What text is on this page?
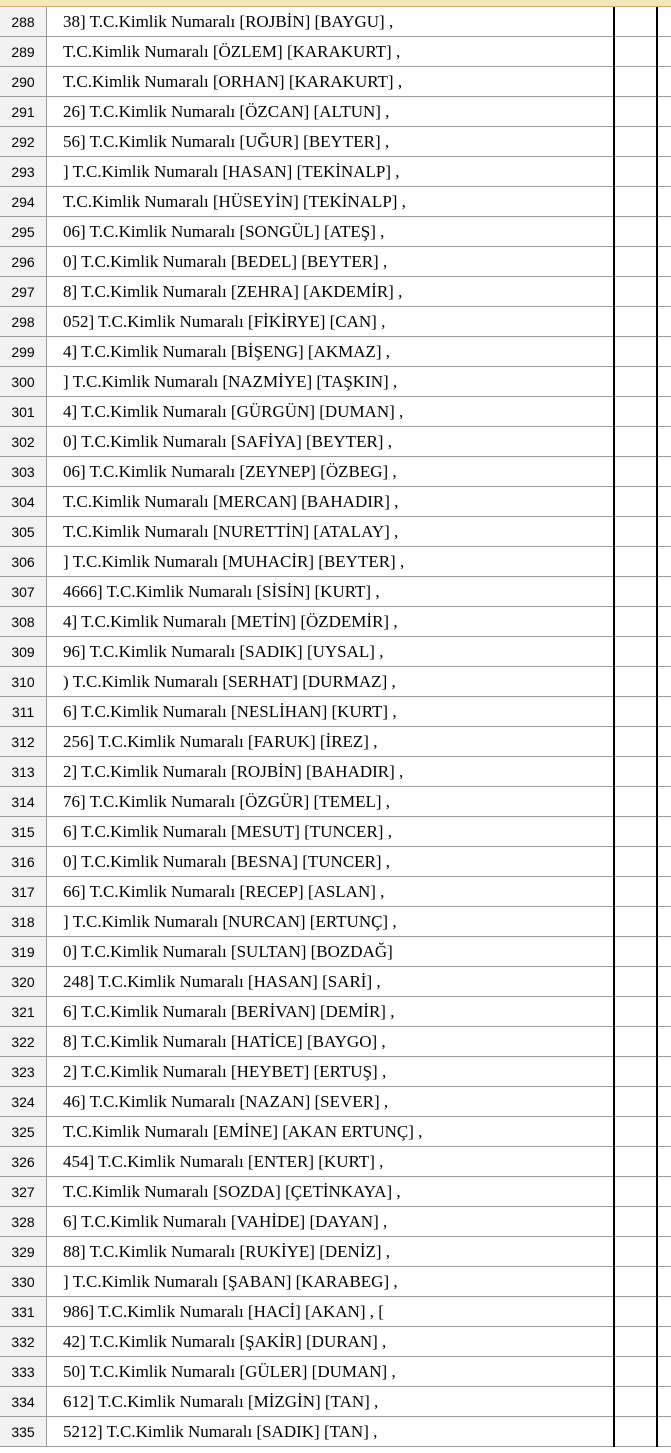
288	38] T.C.Kimlik Numaralı [ROJBİN] [BAYGU] ,		
289	T.C.Kimlik Numaralı [ÖZLEM] [KARAKURT] ,		
290	T.C.Kimlik Numaralı [ORHAN] [KARAKURT] ,		
291	26] T.C.Kimlik Numaralı [ÖZCAN] [ALTUN] ,		
292	56] T.C.Kimlik Numaralı [UĞUR] [BEYTER] ,		
293	] T.C.Kimlik Numaralı [HASAN] [TEKİNALP] ,		
294	T.C.Kimlik Numaralı [HÜSEYİN] [TEKİNALP] ,		
295	06] T.C.Kimlik Numaralı [SONGÜL] [ATEŞ] ,		
296	0] T.C.Kimlik Numaralı [BEDEL] [BEYTER] ,		
297	8] T.C.Kimlik Numaralı [ZEHRA] [AKDEMİR] ,		
298	052] T.C.Kimlik Numaralı [FİKİRYE] [CAN] ,		
299	4] T.C.Kimlik Numaralı [BİŞENG] [AKMAZ] ,		
300	] T.C.Kimlik Numaralı [NAZMİYE] [TAŞKIN] ,		
301	4] T.C.Kimlik Numaralı [GÜRGÜN] [DUMAN] ,		
302	0] T.C.Kimlik Numaralı [SAFİYA] [BEYTER] ,		
303	06] T.C.Kimlik Numaralı [ZEYNEP] [ÖZBEG] ,		
304	T.C.Kimlik Numaralı [MERCAN] [BAHADIR] ,		
305	T.C.Kimlik Numaralı [NURETTİN] [ATALAY] ,		
306	] T.C.Kimlik Numaralı [MUHACİR] [BEYTER] ,		
307	4666] T.C.Kimlik Numaralı [SİSİN] [KURT] ,		
308	4] T.C.Kimlik Numaralı [METİN] [ÖZDEMİR] ,		
309	96] T.C.Kimlik Numaralı [SADIK] [UYSAL] ,		
310	) T.C.Kimlik Numaralı [SERHAT] [DURMAZ] ,		
311	6] T.C.Kimlik Numaralı [NESLİHAN] [KURT] ,		
312	256] T.C.Kimlik Numaralı [FARUK] [İREZ] ,		
313	2] T.C.Kimlik Numaralı [ROJBİN] [BAHADIR] ,		
314	76] T.C.Kimlik Numaralı [ÖZGÜR] [TEMEL] ,		
315	6] T.C.Kimlik Numaralı [MESUT] [TUNCER] ,		
316	0] T.C.Kimlik Numaralı [BESNA] [TUNCER] ,		
317	66] T.C.Kimlik Numaralı [RECEP] [ASLAN] ,		
318	] T.C.Kimlik Numaralı [NURCAN] [ERTUNÇ] ,		
319	0] T.C.Kimlik Numaralı [SULTAN] [BOZDAĞ]		
320	248] T.C.Kimlik Numaralı [HASAN] [SARİ] ,		
321	6] T.C.Kimlik Numaralı [BERİVAN] [DEMİR] ,		
322	8] T.C.Kimlik Numaralı [HATİCE] [BAYGO] ,		
323	2] T.C.Kimlik Numaralı [HEYBET] [ERTUŞ] ,		
324	46] T.C.Kimlik Numaralı [NAZAN] [SEVER] ,		
325	T.C.Kimlik Numaralı [EMİNE] [AKAN ERTUNÇ] ,		
326	454] T.C.Kimlik Numaralı [ENTER] [KURT] ,		
327	T.C.Kimlik Numaralı [SOZDA] [ÇETİNKAYA] ,		
328	6] T.C.Kimlik Numaralı [VAHİDE] [DAYAN] ,		
329	88] T.C.Kimlik Numaralı [RUKİYE] [DENİZ] ,		
330	] T.C.Kimlik Numaralı [ŞABAN] [KARABEG] ,		
331	986] T.C.Kimlik Numaralı [HACİ] [AKAN] , [		
332	42] T.C.Kimlik Numaralı [ŞAKİR] [DURAN] ,		
333	50] T.C.Kimlik Numaralı [GÜLER] [DUMAN] ,		
334	612] T.C.Kimlik Numaralı [MİZGİN] [TAN] ,		
335	5212] T.C.Kimlik Numaralı [SADIK] [TAN] ,		
